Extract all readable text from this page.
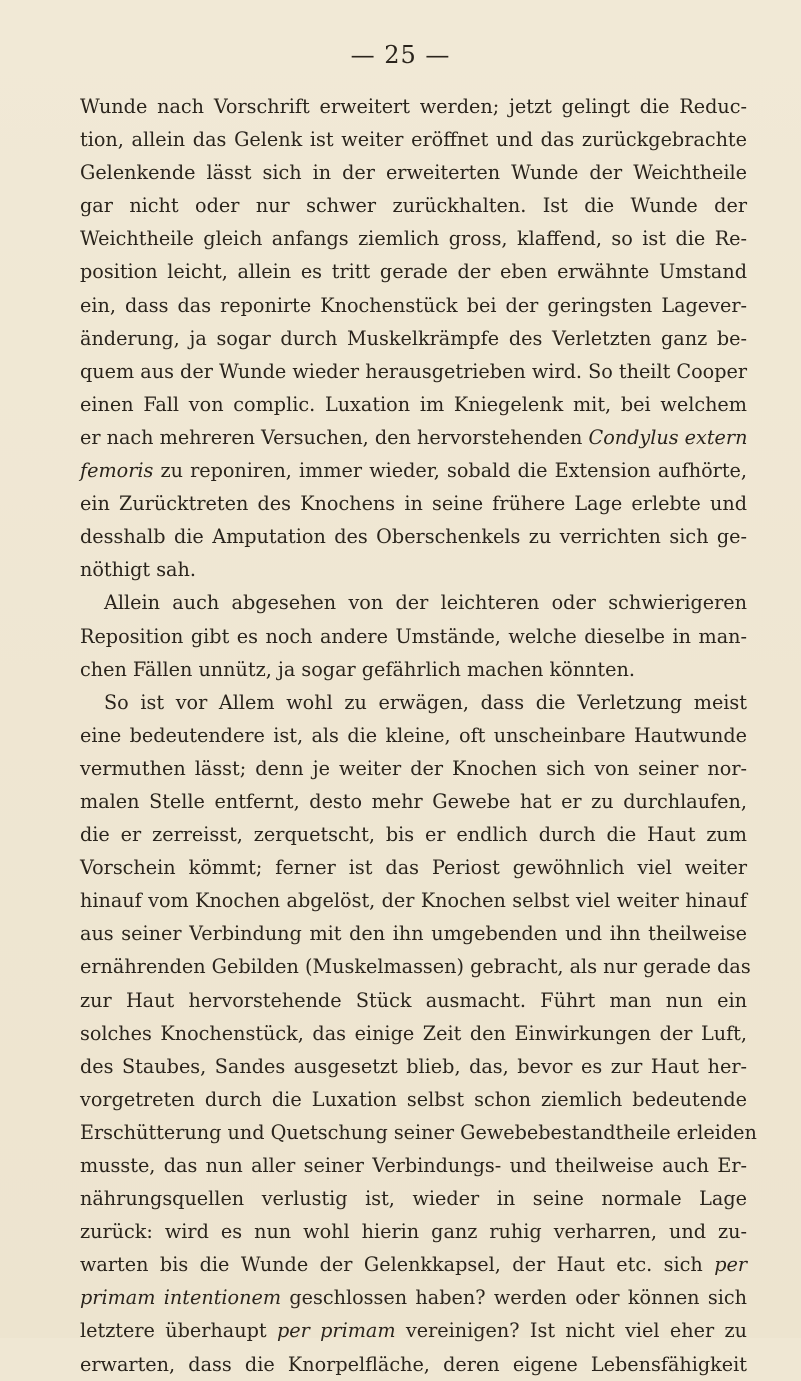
— 25 —
Wunde nach Vorschrift erweitert werden; jetzt gelingt die Reduc-
tion, allein das Gelenk ist weiter eröffnet und das zurückgebrachte
Gelenkende lässt sich in der erweiterten Wunde der Weichtheile
gar nicht oder nur schwer zurückhalten. Ist die Wunde der
Weichtheile gleich anfangs ziemlich gross, klaffend, so ist die Re-
position leicht, allein es tritt gerade der eben erwähnte Umstand
ein, dass das reponirte Knochenstück bei der geringsten Lagever-
änderung, ja sogar durch Muskelkrämpfe des Verletzten ganz be-
quem aus der Wunde wieder herausgetrieben wird. So theilt Cooper
einen Fall von complic. Luxation im Kniegelenk mit, bei welchem
er nach mehreren Versuchen, den hervorstehenden Condylus extern
femoris zu reponiren, immer wieder, sobald die Extension aufhörte,
ein Zurücktreten des Knochens in seine frühere Lage erlebte und
desshalb die Amputation des Oberschenkels zu verrichten sich ge-
nöthigt sah.
Allein auch abgesehen von der leichteren oder schwierigeren
Reposition gibt es noch andere Umstände, welche dieselbe in man-
chen Fällen unnütz, ja sogar gefährlich machen könnten.
So ist vor Allem wohl zu erwägen, dass die Verletzung meist
eine bedeutendere ist, als die kleine, oft unscheinbare Hautwunde
vermuthen lässt; denn je weiter der Knochen sich von seiner nor-
malen Stelle entfernt, desto mehr Gewebe hat er zu durchlaufen,
die er zerreisst, zerquetscht, bis er endlich durch die Haut zum
Vorschein kömmt; ferner ist das Periost gewöhnlich viel weiter
hinauf vom Knochen abgelöst, der Knochen selbst viel weiter hinauf
aus seiner Verbindung mit den ihn umgebenden und ihn theilweise
ernährenden Gebilden (Muskelmassen) gebracht, als nur gerade das
zur Haut hervorstehende Stück ausmacht. Führt man nun ein
solches Knochenstück, das einige Zeit den Einwirkungen der Luft,
des Staubes, Sandes ausgesetzt blieb, das, bevor es zur Haut her-
vorgetreten durch die Luxation selbst schon ziemlich bedeutende
Erschütterung und Quetschung seiner Gewebebestandtheile erleiden
musste, das nun aller seiner Verbindungs- und theilweise auch Er-
nährungsquellen verlustig ist, wieder in seine normale Lage
zurück: wird es nun wohl hierin ganz ruhig verharren, und zu-
warten bis die Wunde der Gelenkkapsel, der Haut etc. sich per
primam intentionem geschlossen haben? werden oder können sich
letztere überhaupt per primam vereinigen? Ist nicht viel eher zu
erwarten, dass die Knorpelfläche, deren eigene Lebensfähigkeit
